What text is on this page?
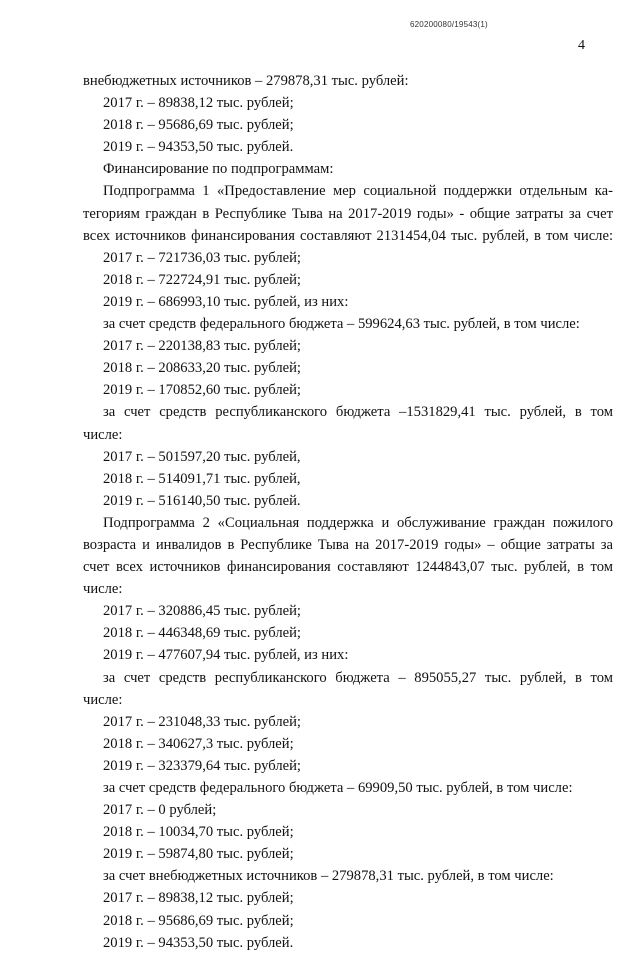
620200080/19543(1)
4
внебюджетных источников – 279878,31 тыс. рублей:
2017 г. – 89838,12 тыс. рублей;
2018 г. – 95686,69 тыс. рублей;
2019 г. – 94353,50 тыс. рублей.
Финансирование по подпрограммам:
Подпрограмма 1 «Предоставление мер социальной поддержки отдельным ка-
тегориям граждан в Республике Тыва на 2017-2019 годы» - общие затраты за счет
всех источников финансирования составляют 2131454,04 тыс. рублей, в том числе:
2017 г. – 721736,03 тыс. рублей;
2018 г. – 722724,91 тыс. рублей;
2019 г. – 686993,10 тыс. рублей, из них:
за счет средств федерального бюджета – 599624,63 тыс. рублей, в том числе:
2017 г. – 220138,83 тыс. рублей;
2018 г. – 208633,20 тыс. рублей;
2019 г. – 170852,60 тыс. рублей;
за счет средств республиканского бюджета –1531829,41 тыс. рублей, в том
числе:
2017 г. – 501597,20 тыс. рублей,
2018 г. – 514091,71 тыс. рублей,
2019 г. – 516140,50 тыс. рублей.
Подпрограмма 2 «Социальная поддержка и обслуживание граждан пожилого
возраста и инвалидов в Республике Тыва на 2017-2019 годы» – общие затраты за
счет всех источников финансирования составляют 1244843,07 тыс. рублей, в том
числе:
2017 г. – 320886,45 тыс. рублей;
2018 г. – 446348,69 тыс. рублей;
2019 г. – 477607,94 тыс. рублей, из них:
за счет средств республиканского бюджета – 895055,27 тыс. рублей, в том
числе:
2017 г. – 231048,33 тыс. рублей;
2018 г. – 340627,3 тыс. рублей;
2019 г. – 323379,64 тыс. рублей;
за счет средств федерального бюджета – 69909,50 тыс. рублей, в том числе:
2017 г. – 0 рублей;
2018 г. – 10034,70 тыс. рублей;
2019 г. – 59874,80 тыс. рублей;
за счет внебюджетных источников – 279878,31 тыс. рублей, в том числе:
2017 г. – 89838,12 тыс. рублей;
2018 г. – 95686,69 тыс. рублей;
2019 г. – 94353,50 тыс. рублей.
